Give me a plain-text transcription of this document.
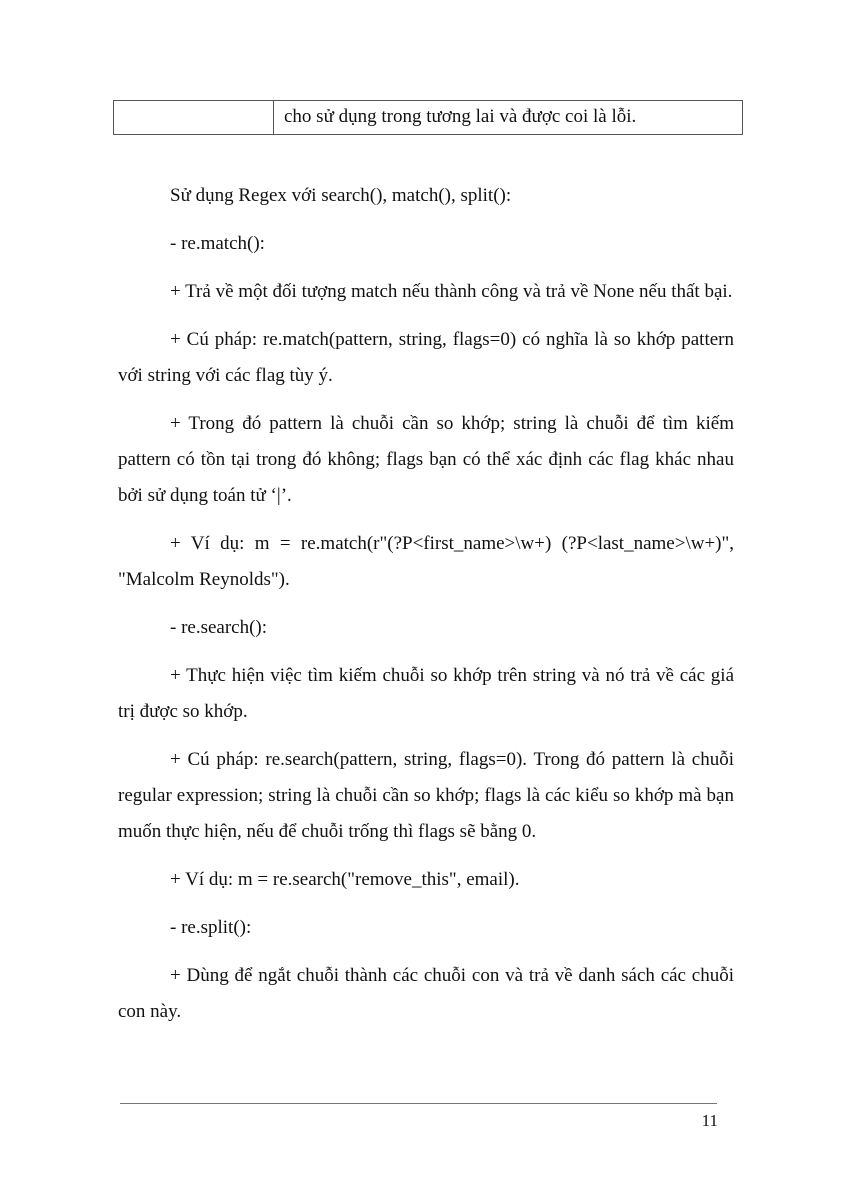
cho sử dụng trong tương lai và được coi là lỗi.

Sử dụng Regex với search(), match(), split():

- re.match():

+ Trả về một đối tượng match nếu thành công và trả về None nếu thất bại.

+ Cú pháp: re.match(pattern, string, flags=0) có nghĩa là so khớp pattern với string với các flag tùy ý.

+ Trong đó pattern là chuỗi cần so khớp; string là chuỗi để tìm kiếm pattern có tồn tại trong đó không; flags bạn có thể xác định các flag khác nhau bởi sử dụng toán tử ‘|’.

+ Ví dụ: m = re.match(r"(?P<first_name>\w+) (?P<last_name>\w+)", "Malcolm Reynolds").

- re.search():

+ Thực hiện việc tìm kiếm chuỗi so khớp trên string và nó trả về các giá trị được so khớp.

+ Cú pháp: re.search(pattern, string, flags=0). Trong đó pattern là chuỗi regular expression; string là chuỗi cần so khớp; flags là các kiểu so khớp mà bạn muốn thực hiện, nếu để chuỗi trống thì flags sẽ bằng 0.

+ Ví dụ: m = re.search("remove_this", email).

- re.split():

+ Dùng để ngắt chuỗi thành các chuỗi con và trả về danh sách các chuỗi con này.

11
